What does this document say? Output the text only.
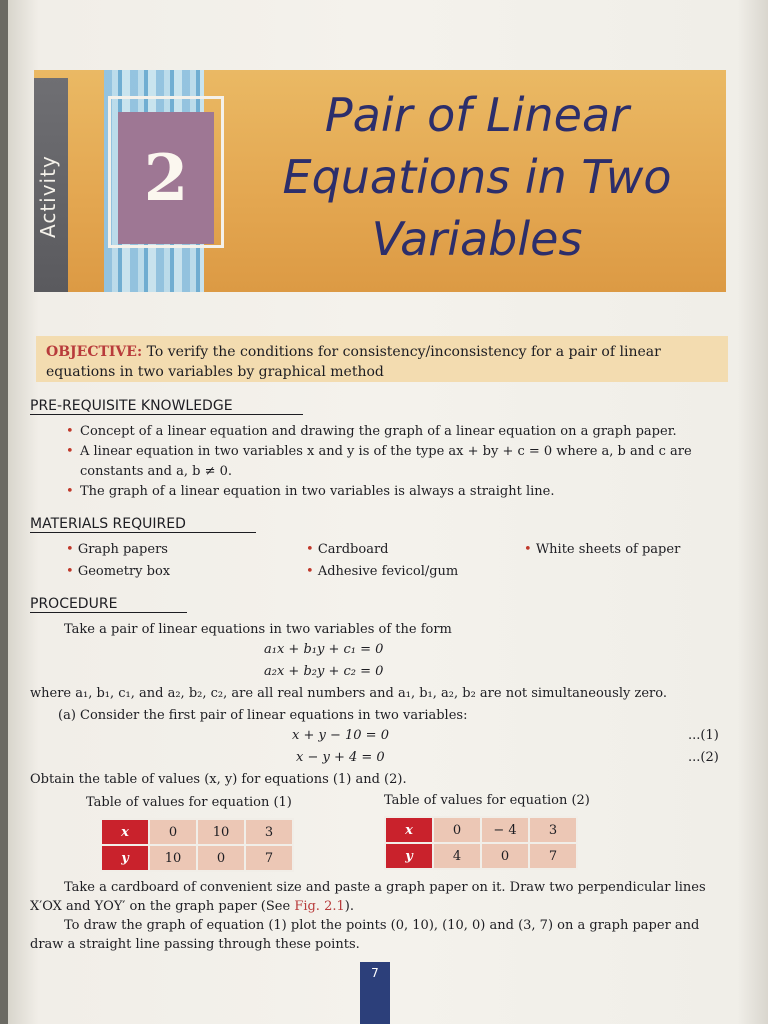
Activity	2
Pair of Linear
Equations in Two
Variables
OBJECTIVE: To verify the conditions for consistency/inconsistency for a pair of linear equations in two variables by graphical method
PRE-REQUISITE KNOWLEDGE
• Concept of a linear equation and drawing the graph of a linear equation on a graph paper.
• A linear equation in two variables x and y is of the type ax + by + c = 0 where a, b and c are constants and a, b ≠ 0.
• The graph of a linear equation in two variables is always a straight line.
MATERIALS REQUIRED
• Graph papers
• Geometry box
• Cardboard
• Adhesive fevicol/gum
• White sheets of paper
PROCEDURE
Take a pair of linear equations in two variables of the form
a₁x + b₁y + c₁ = 0
a₂x + b₂y + c₂ = 0
where a₁, b₁, c₁, and a₂, b₂, c₂, are all real numbers and a₁, b₁, a₂, b₂ are not simultaneously zero.
(a) Consider the first pair of linear equations in two variables:
x + y − 10 = 0	...(1)
x − y + 4 = 0	...(2)
Obtain the table of values (x, y) for equations (1) and (2).
Table of values for equation (1)	Table of values for equation (2)
x	0	10	3
y	10	0	7
x	0	− 4	3
y	4	0	7
Take a cardboard of convenient size and paste a graph paper on it. Draw two perpendicular lines X′OX and YOY′ on the graph paper (See Fig. 2.1).
To draw the graph of equation (1) plot the points (0, 10), (10, 0) and (3, 7) on a graph paper and draw a straight line passing through these points.
7
